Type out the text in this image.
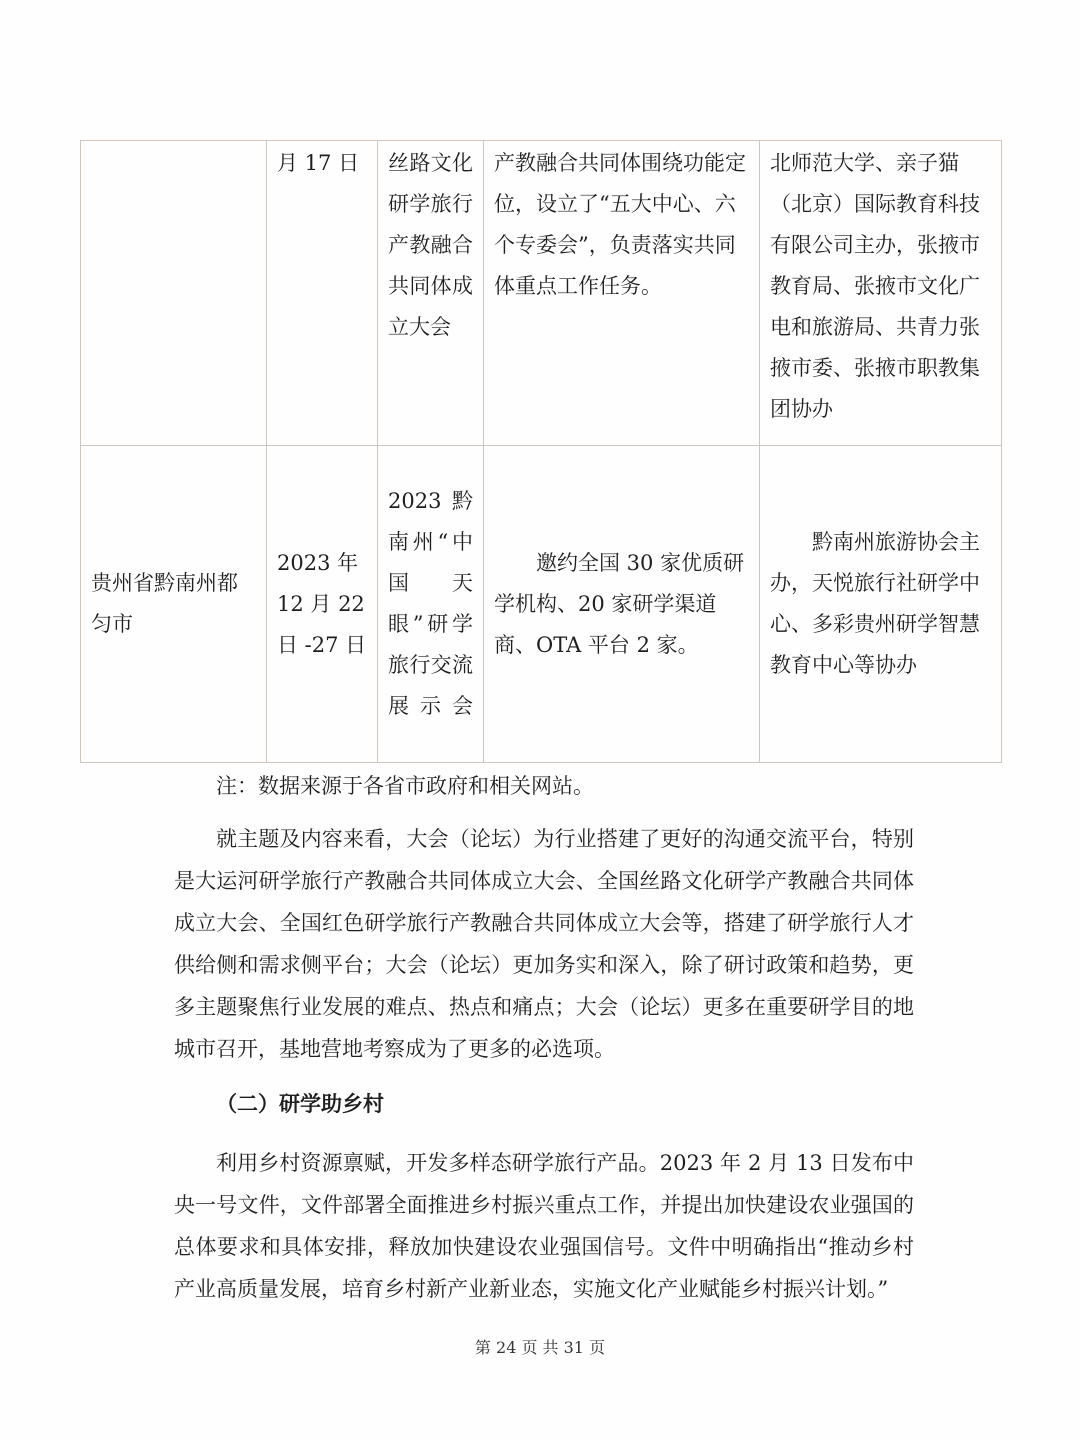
	月 17 日	丝路文化研学旅行产教融合共同体成立大会	产教融合共同体围绕功能定位，设立了“五大中心、六个专委会”，负责落实共同体重点工作任务。	北师范大学、亲子猫（北京）国际教育科技有限公司主办，张掖市教育局、张掖市文化广电和旅游局、共青力张掖市委、张掖市职教集团协办
贵州省黔南州都匀市	2023 年 12 月 22 日 -27 日	2023 黔南州“中国天眼”研学旅行交流展示会	邀约全国 30 家优质研学机构、20 家研学渠道商、OTA 平台 2 家。	黔南州旅游协会主办，天悦旅行社研学中心、多彩贵州研学智慧教育中心等协办

注：数据来源于各省市政府和相关网站。

就主题及内容来看，大会（论坛）为行业搭建了更好的沟通交流平台，特别是大运河研学旅行产教融合共同体成立大会、全国丝路文化研学产教融合共同体成立大会、全国红色研学旅行产教融合共同体成立大会等，搭建了研学旅行人才供给侧和需求侧平台；大会（论坛）更加务实和深入，除了研讨政策和趋势，更多主题聚焦行业发展的难点、热点和痛点；大会（论坛）更多在重要研学目的地城市召开，基地营地考察成为了更多的必选项。

（二）研学助乡村

利用乡村资源禀赋，开发多样态研学旅行产品。2023 年 2 月 13 日发布中央一号文件，文件部署全面推进乡村振兴重点工作，并提出加快建设农业强国的总体要求和具体安排，释放加快建设农业强国信号。文件中明确指出“推动乡村产业高质量发展，培育乡村新产业新业态，实施文化产业赋能乡村振兴计划。”

第 24 页 共 31 页
